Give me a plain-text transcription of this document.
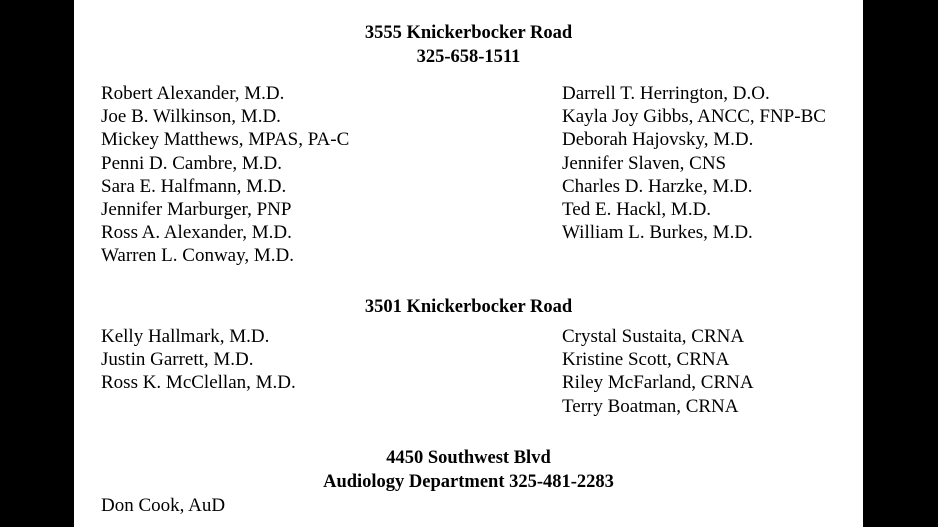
3555 Knickerbocker Road
325-658-1511
Robert Alexander, M.D.
Joe B. Wilkinson, M.D.
Mickey Matthews, MPAS, PA-C
Penni D. Cambre, M.D.
Sara E. Halfmann, M.D.
Jennifer Marburger, PNP
Ross A. Alexander, M.D.
Warren L. Conway, M.D.
Darrell T. Herrington, D.O.
Kayla Joy Gibbs, ANCC, FNP-BC
Deborah Hajovsky, M.D.
Jennifer Slaven, CNS
Charles D. Harzke, M.D.
Ted E. Hackl, M.D.
William L. Burkes, M.D.
3501 Knickerbocker Road
Kelly Hallmark, M.D.
Justin Garrett, M.D.
Ross K. McClellan, M.D.
Crystal Sustaita, CRNA
Kristine Scott, CRNA
Riley McFarland, CRNA
Terry Boatman, CRNA
4450 Southwest Blvd
Audiology Department 325-481-2283
Don Cook, AuD
